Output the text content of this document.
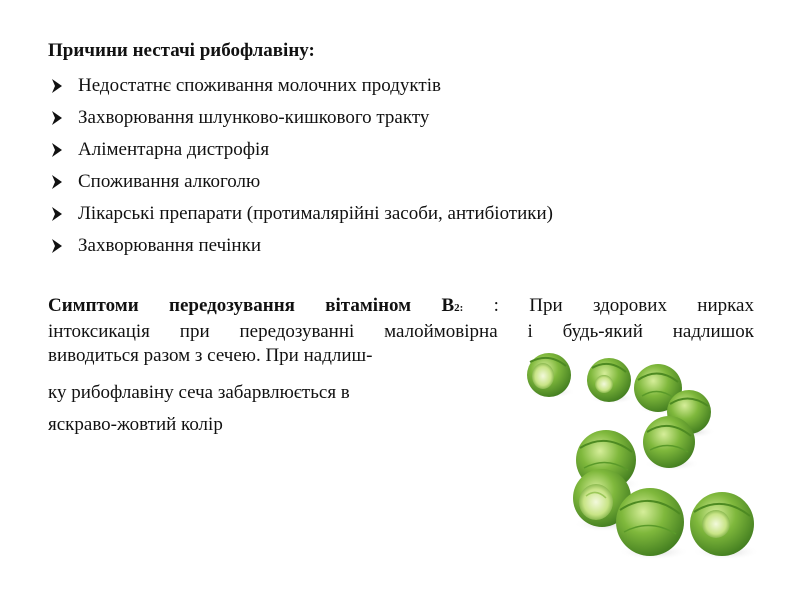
Причини нестачі рибофлавіну:

Недостатнє споживання молочних продуктів
Захворювання шлунково-кишкового тракту
Аліментарна дистрофія
Споживання алкоголю
Лікарські препарати (протималярійні засоби, антибіотики)
Захворювання печінки
Симптоми передозування вітаміном В2: : При здорових нирках
інтоксикація при передозуванні малоймовірна і будь-який надлишок
виводиться разом з сечею. При надлиш-

ку рибофлавіну сеча забарвлюється в

яскраво-жовтий колір
